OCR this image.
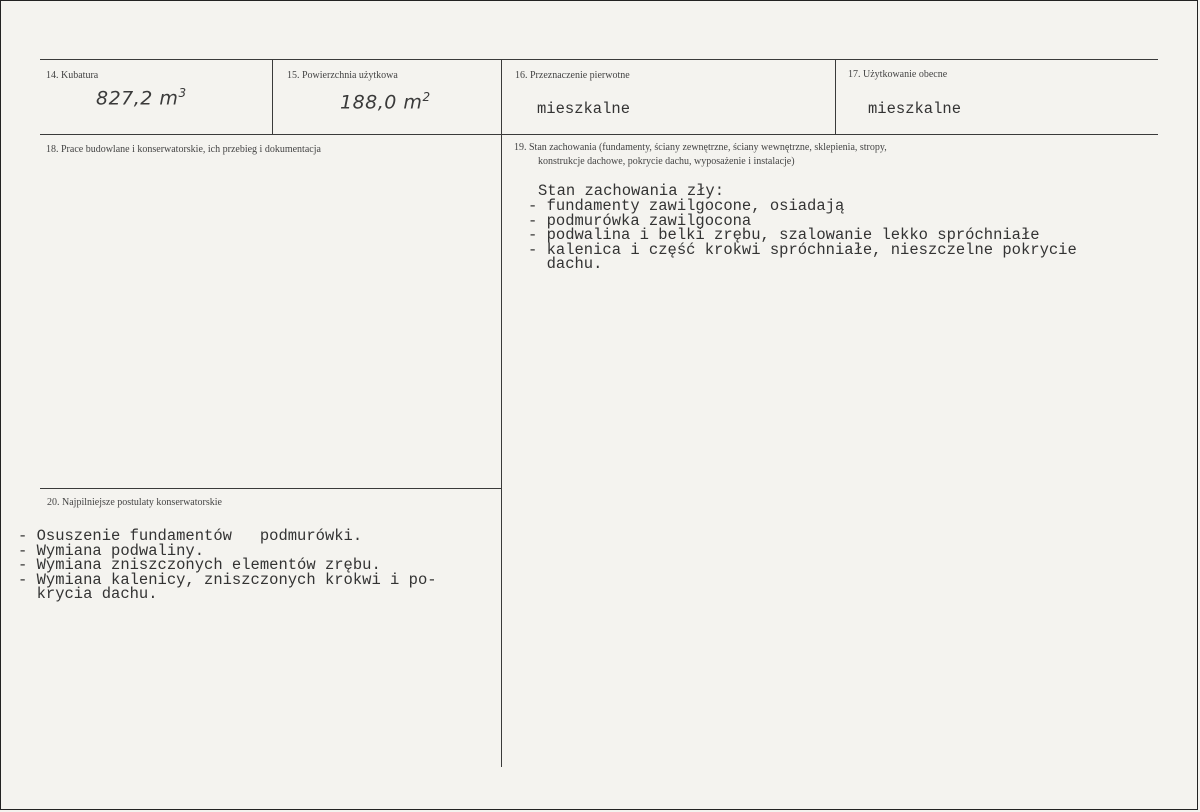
14. Kubatura
827,2 $m^3$
15. Powierzchnia użytkowa
188,0 $m^2$
16. Przeznaczenie pierwotne
mieszkalne
17. Użytkowanie obecne
mieszkalne
18. Prace budowlane i konserwatorskie, ich przebieg i dokumentacja	19. Stan zachowania (fundamenty, ściany zewnętrzne, ściany wewnętrzne, sklepienia, stropy,
konstrukcje dachowe, pokrycie dachu, wyposażenie i instalacje)
Stan zachowania zły:
- fundamenty zawilgocone, osiadają
- podmurówka zawilgocona
- podwalina i belki zrębu, szalowanie lekko spróchniałe
- kalenica i część krokwi spróchniałe, nieszczelne pokrycie
dachu.
20. Najpilniejsze postulaty konserwatorskie
- Osuszenie fundamentów   podmurówki.
- Wymiana podwaliny.
- Wymiana zniszczonych elementów zrębu.
- Wymiana kalenicy, zniszczonych krokwi i po-
krycia dachu.
